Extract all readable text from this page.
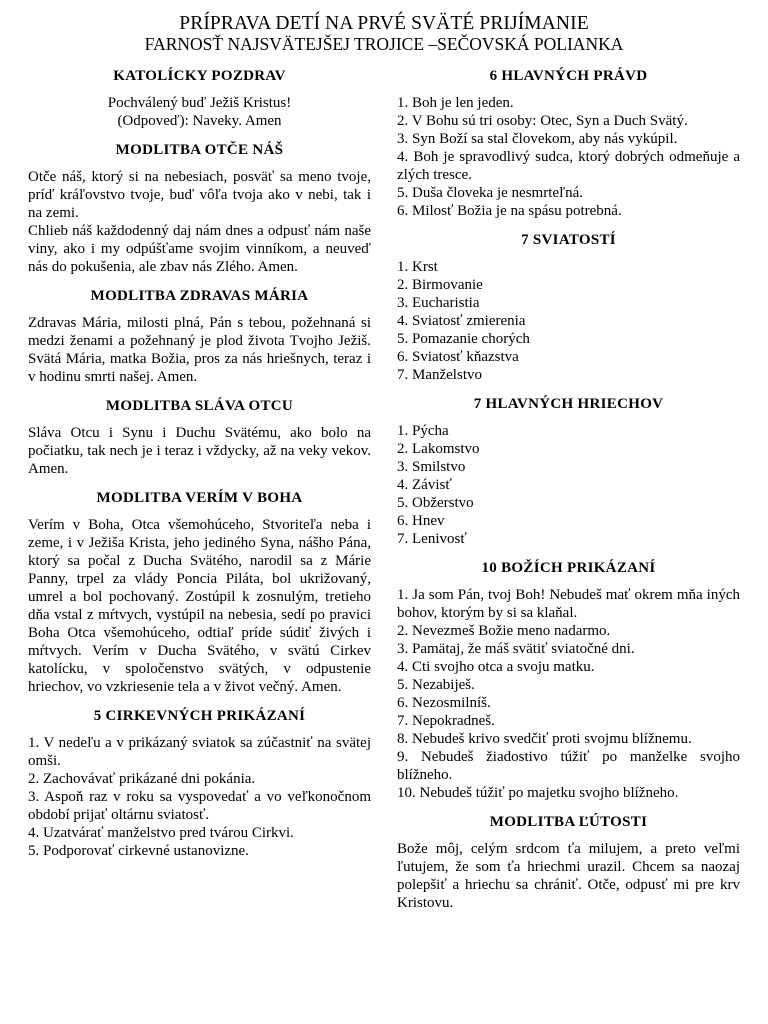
PRÍPRAVA DETÍ NA PRVÉ SVÄTÉ PRIJÍMANIE
FARNOSŤ NAJSVÄTEJŠEJ TROJICE –SEČOVSKÁ POLIANKA
KATOLÍCKY POZDRAV

Pochválený buď Ježiš Kristus!

(Odpoveď): Naveky. Amen

MODLITBA OTČE NÁŠ

Otče náš, ktorý si na nebesiach, posväť sa meno tvoje, príď kráľovstvo tvoje, buď vôľa tvoja ako v nebi, tak i na zemi.

Chlieb náš každodenný daj nám dnes a odpusť nám naše viny, ako i my odpúšťame svojim vinníkom, a neuveď nás do pokušenia, ale zbav nás Zlého. Amen.

MODLITBA ZDRAVAS MÁRIA

Zdravas Mária, milosti plná, Pán s tebou, požehnaná si medzi ženami a požehnaný je plod života Tvojho Ježiš. Svätá Mária, matka Božia, pros za nás hriešnych, teraz i v hodinu smrti našej. Amen.

MODLITBA SLÁVA OTCU

Sláva Otcu i Synu i Duchu Svätému, ako bolo na počiatku, tak nech je i teraz i vždycky, až na veky vekov. Amen.

MODLITBA VERÍM V BOHA

Verím v Boha, Otca všemohúceho, Stvoriteľa neba i zeme, i v Ježiša Krista, jeho jediného Syna, nášho Pána, ktorý sa počal z Ducha Svätého, narodil sa z Márie Panny, trpel za vlády Poncia Piláta, bol ukrižovaný, umrel a bol pochovaný. Zostúpil k zosnulým, tretieho dňa vstal z mŕtvych, vystúpil na nebesia, sedí po pravici Boha Otca všemohúceho, odtiaľ príde súdiť živých i mŕtvych. Verím v Ducha Svätého, v svätú Cirkev katolícku, v spoločenstvo svätých, v odpustenie hriechov, vo vzkriesenie tela a v život večný. Amen.

5 CIRKEVNÝCH PRIKÁZANÍ
1. V nedeľu a v prikázaný sviatok sa zúčastniť na svätej omši.
2. Zachovávať prikázané dni pokánia.
3. Aspoň raz v roku sa vyspovedať a vo veľkonočnom období prijať oltárnu sviatosť.
4. Uzatvárať manželstvo pred tvárou Cirkvi.
5. Podporovať cirkevné ustanovizne.
6 HLAVNÝCH PRÁVD
1. Boh je len jeden.
2. V Bohu sú tri osoby: Otec, Syn a Duch Svätý.
3. Syn Boží sa stal človekom, aby nás vykúpil.
4. Boh je spravodlivý sudca, ktorý dobrých odmeňuje a zlých tresce.
5. Duša človeka je nesmrteľná.
6. Milosť Božia je na spásu potrebná.
7 SVIATOSTÍ
1. Krst
2. Birmovanie
3. Eucharistia
4. Sviatosť zmierenia
5. Pomazanie chorých
6. Sviatosť kňazstva
7. Manželstvo
7 HLAVNÝCH HRIECHOV
1. Pýcha
2. Lakomstvo
3. Smilstvo
4. Závisť
5. Obžerstvo
6. Hnev
7. Lenivosť
10 BOŽÍCH PRIKÁZANÍ
1. Ja som Pán, tvoj Boh! Nebudeš mať okrem mňa iných bohov, ktorým by si sa klaňal.
2. Nevezmeš Božie meno nadarmo.
3. Pamätaj, že máš svätiť sviatočné dni.
4. Cti svojho otca a svoju matku.
5. Nezabiješ.
6. Nezosmilníš.
7. Nepokradneš.
8. Nebudeš krivo svedčiť proti svojmu blížnemu.
9. Nebudeš žiadostivo túžiť po manželke svojho blížneho.
10. Nebudeš túžiť po majetku svojho blížneho.
MODLITBA ĽÚTOSTI

Bože môj, celým srdcom ťa milujem, a preto veľmi ľutujem, že som ťa hriechmi urazil. Chcem sa naozaj polepšiť a hriechu sa chrániť. Otče, odpusť mi pre krv Kristovu.
